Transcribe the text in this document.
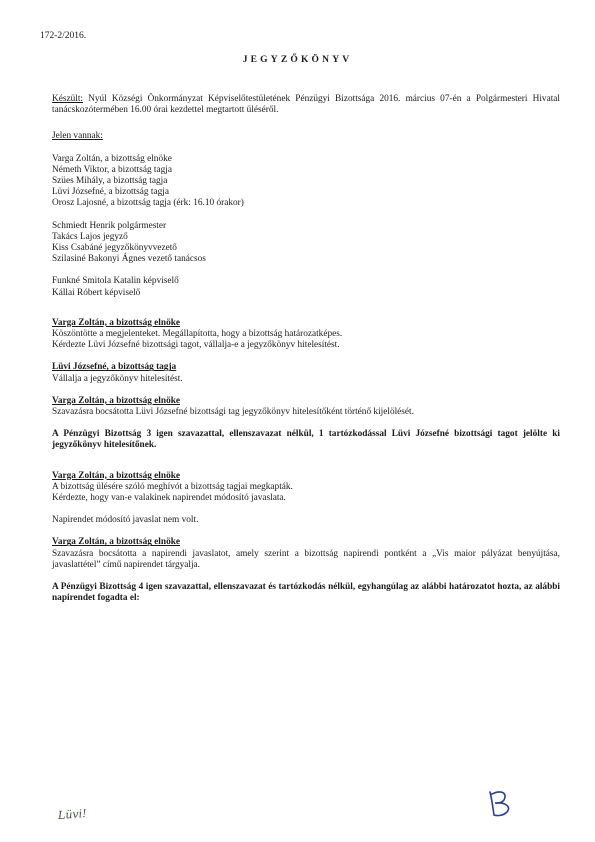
172-2/2016.
JEGYZŐKÖNYV
Készült: Nyúl Községi Önkormányzat Képviselőtestületének Pénzügyi Bizottsága 2016. március 07-én a Polgármesteri Hivatal tanácskozótermében 16.00 órai kezdettel megtartott üléséről.
Jelen vannak:
Varga Zoltán, a bizottság elnöke
Németh Viktor, a bizottság tagja
Szües Mihály, a bizottság tagja
Lüvi Józsefné, a bizottság tagja
Orosz Lajosné, a bizottság tagja (érk: 16.10 órakor)
Schmiedt Henrik polgármester
Takács Lajos jegyző
Kiss Csabáné jegyzőkönyvvezető
Szilasiné Bakonyi Ágnes vezető tanácsos
Funkné Smitola Katalin képviselő
Kállai Róbert képviselő
Varga Zoltán, a bizottság elnöke
Köszöntötte a megjelenteket. Megállapította, hogy a bizottság határozatképes.
Kérdezte Lüvi Józsefné bizottsági tagot, vállalja-e a jegyzőkönyv hitelesítést.
Lüvi Józsefné, a bizottság tagja
Vállalja a jegyzőkönyv hitelesítést.
Varga Zoltán, a bizottság elnöke
Szavazásra bocsátotta Lüvi Józsefné bizottsági tag jegyzőkönyv hitelesítőként történő kijelölését.
A Pénzügyi Bizottság 3 igen szavazattal, ellenszavazat nélkül, 1 tartózkodással Lüvi Józsefné bizottsági tagot jelölte ki jegyzőkönyv hitelesítőnek.
Varga Zoltán, a bizottság elnöke
A bizottság ülésére szóló meghívót a bizottság tagjai megkapták.
Kérdezte, hogy van-e valakinek napirendet módosító javaslata.
Napirendet módosító javaslat nem volt.
Varga Zoltán, a bizottság elnöke
Szavazásra bocsátotta a napirendi javaslatot, amely szerint a bizottság napirendi pontként a „Vis maior pályázat benyújtása, javaslattétel” című napirendet tárgyalja.
A Pénzügyi Bizottság 4 igen szavazattal, ellenszavazat és tartózkodás nélkül, egyhangúlag az alábbi határozatot hozta, az alábbi napirendet fogadta el:
Lüvi!
